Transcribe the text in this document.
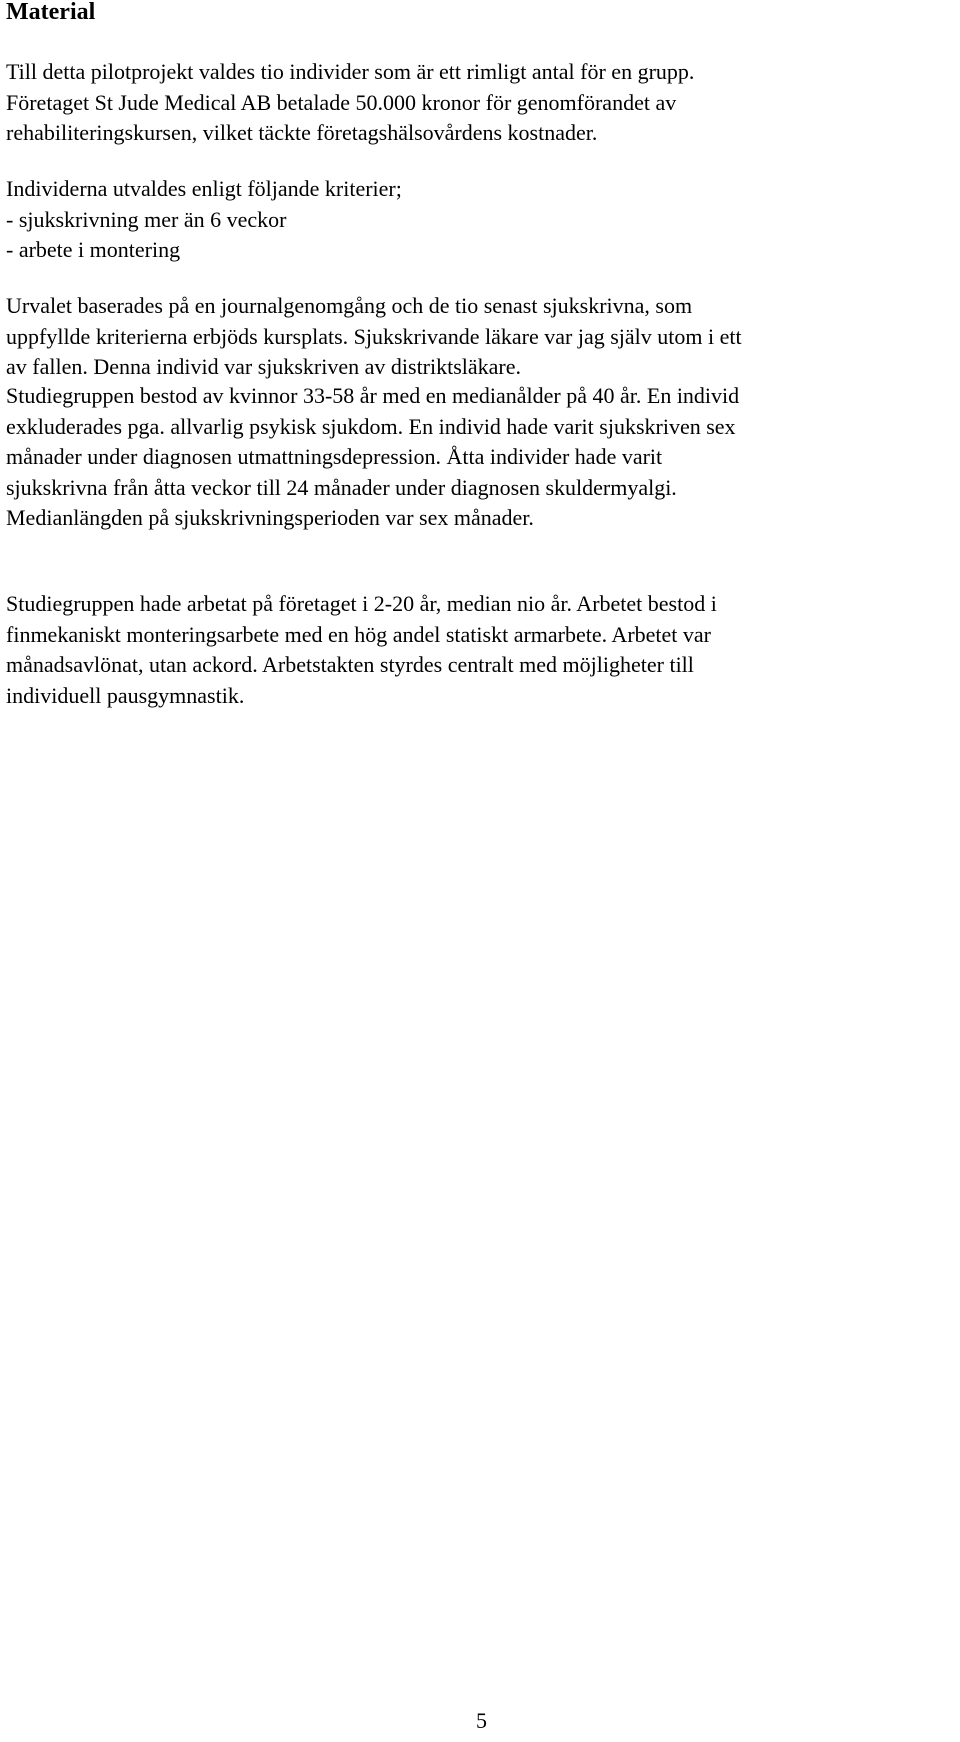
Material

Till detta pilotprojekt valdes tio individer som är ett rimligt antal för en grupp.
Företaget St Jude Medical AB betalade 50.000 kronor för genomförandet av
rehabiliteringskursen, vilket täckte företagshälsovårdens kostnader.

Individerna utvaldes enligt följande kriterier;
- sjukskrivning mer än 6 veckor
- arbete i montering

Urvalet baserades på en journalgenomgång och de tio senast sjukskrivna, som
uppfyllde kriterierna erbjöds kursplats. Sjukskrivande läkare var jag själv utom i ett
av fallen. Denna individ var sjukskriven av distriktsläkare.

Studiegruppen bestod av kvinnor 33-58 år med en medianålder på 40 år. En individ
exkluderades pga. allvarlig psykisk sjukdom. En individ hade varit sjukskriven sex
månader under diagnosen utmattningsdepression. Åtta individer hade varit
sjukskrivna från åtta veckor till 24 månader under diagnosen skuldermyalgi.
Medianlängden på sjukskrivningsperioden var sex månader.

Studiegruppen hade arbetat på företaget i 2-20 år, median nio år. Arbetet bestod i
finmekaniskt monteringsarbete med en hög andel statiskt armarbete. Arbetet var
månadsavlönat, utan ackord. Arbetstakten styrdes centralt med möjligheter till
individuell pausgymnastik.

5
